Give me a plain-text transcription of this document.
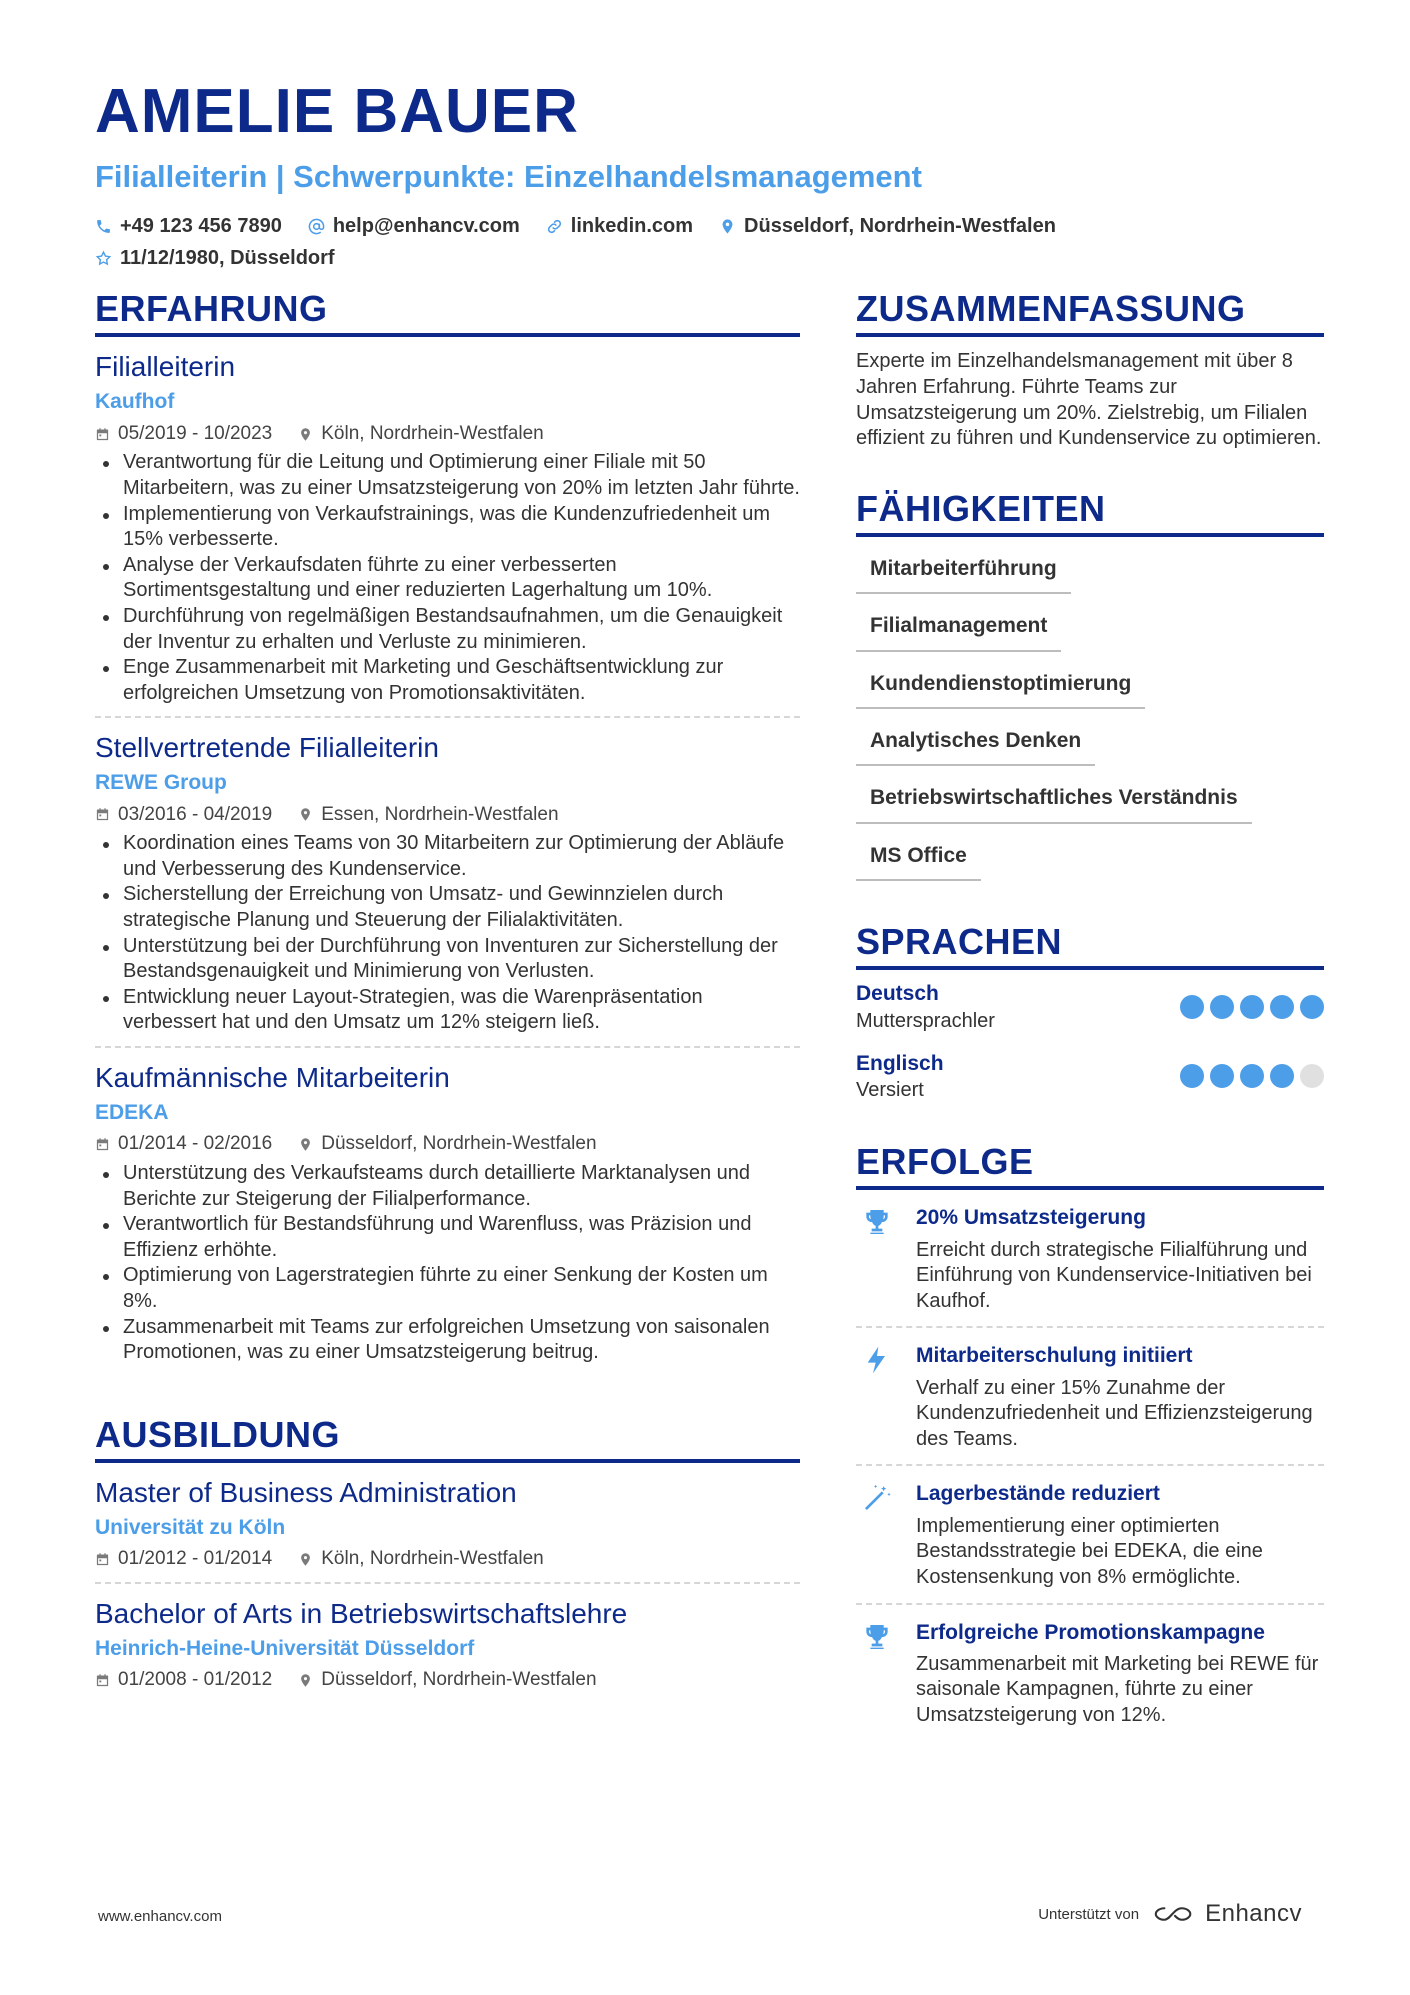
AMELIE BAUER
Filialleiterin | Schwerpunkte: Einzelhandelsmanagement
+49 123 456 7890	help@enhancv.com	linkedin.com	Düsseldorf, Nordrhein-Westfalen
11/12/1980, Düsseldorf
ERFAHRUNG
Filialleiterin
Kaufhof
05/2019 - 10/2023	Köln, Nordrhein-Westfalen
Verantwortung für die Leitung und Optimierung einer Filiale mit 50 Mitarbeitern, was zu einer Umsatzsteigerung von 20% im letzten Jahr führte.
Implementierung von Verkaufstrainings, was die Kundenzufriedenheit um 15% verbesserte.
Analyse der Verkaufsdaten führte zu einer verbesserten Sortimentsgestaltung und einer reduzierten Lagerhaltung um 10%.
Durchführung von regelmäßigen Bestandsaufnahmen, um die Genauigkeit der Inventur zu erhalten und Verluste zu minimieren.
Enge Zusammenarbeit mit Marketing und Geschäftsentwicklung zur erfolgreichen Umsetzung von Promotionsaktivitäten.
Stellvertretende Filialleiterin
REWE Group
03/2016 - 04/2019	Essen, Nordrhein-Westfalen
Koordination eines Teams von 30 Mitarbeitern zur Optimierung der Abläufe und Verbesserung des Kundenservice.
Sicherstellung der Erreichung von Umsatz- und Gewinnzielen durch strategische Planung und Steuerung der Filialaktivitäten.
Unterstützung bei der Durchführung von Inventuren zur Sicherstellung der Bestandsgenauigkeit und Minimierung von Verlusten.
Entwicklung neuer Layout-Strategien, was die Warenpräsentation verbessert hat und den Umsatz um 12% steigern ließ.
Kaufmännische Mitarbeiterin
EDEKA
01/2014 - 02/2016	Düsseldorf, Nordrhein-Westfalen
Unterstützung des Verkaufsteams durch detaillierte Marktanalysen und Berichte zur Steigerung der Filialperformance.
Verantwortlich für Bestandsführung und Warenfluss, was Präzision und Effizienz erhöhte.
Optimierung von Lagerstrategien führte zu einer Senkung der Kosten um 8%.
Zusammenarbeit mit Teams zur erfolgreichen Umsetzung von saisonalen Promotionen, was zu einer Umsatzsteigerung beitrug.
AUSBILDUNG
Master of Business Administration
Universität zu Köln
01/2012 - 01/2014	Köln, Nordrhein-Westfalen
Bachelor of Arts in Betriebswirtschaftslehre
Heinrich-Heine-Universität Düsseldorf
01/2008 - 01/2012	Düsseldorf, Nordrhein-Westfalen
ZUSAMMENFASSUNG
Experte im Einzelhandelsmanagement mit über 8 Jahren Erfahrung. Führte Teams zur Umsatzsteigerung um 20%. Zielstrebig, um Filialen effizient zu führen und Kundenservice zu optimieren.
FÄHIGKEITEN
Mitarbeiterführung
Filialmanagement
Kundendienstoptimierung
Analytisches Denken
Betriebswirtschaftliches Verständnis
MS Office
SPRACHEN
Deutsch
Muttersprachler
Englisch
Versiert
ERFOLGE
20% Umsatzsteigerung
Erreicht durch strategische Filialführung und Einführung von Kundenservice-Initiativen bei Kaufhof.
Mitarbeiterschulung initiiert
Verhalf zu einer 15% Zunahme der Kundenzufriedenheit und Effizienzsteigerung des Teams.
Lagerbestände reduziert
Implementierung einer optimierten Bestandsstrategie bei EDEKA, die eine Kostensenkung von 8% ermöglichte.
Erfolgreiche Promotionskampagne
Zusammenarbeit mit Marketing bei REWE für saisonale Kampagnen, führte zu einer Umsatzsteigerung von 12%.
www.enhancv.com	Unterstützt von	Enhancv
